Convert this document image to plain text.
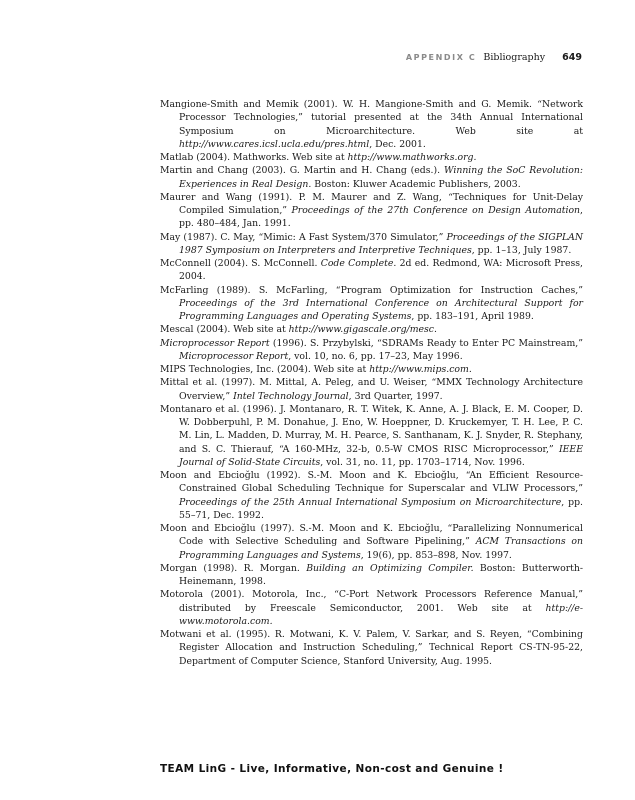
APPENDIX C Bibliography 649
Mangione-Smith and Memik (2001). W. H. Mangione-Smith and G. Memik. “Network Processor Technologies,” tutorial presented at the 34th Annual International Symposium on Microarchitecture. Web site at http://www.cares.icsl.ucla.edu/pres.html, Dec. 2001.
Matlab (2004). Mathworks. Web site at http://www.mathworks.org.
Martin and Chang (2003). G. Martin and H. Chang (eds.). Winning the SoC Revolution: Experiences in Real Design. Boston: Kluwer Academic Publishers, 2003.
Maurer and Wang (1991). P. M. Maurer and Z. Wang, “Techniques for Unit-Delay Compiled Simulation,” Proceedings of the 27th Conference on Design Automation, pp. 480–484, Jan. 1991.
May (1987). C. May, “Mimic: A Fast System/370 Simulator,” Proceedings of the SIGPLAN 1987 Symposium on Interpreters and Interpretive Techniques, pp. 1–13, July 1987.
McConnell (2004). S. McConnell. Code Complete. 2d ed. Redmond, WA: Microsoft Press, 2004.
McFarling (1989). S. McFarling, “Program Optimization for Instruction Caches,” Proceedings of the 3rd International Conference on Architectural Support for Programming Languages and Operating Systems, pp. 183–191, April 1989.
Mescal (2004). Web site at http://www.gigascale.org/mesc.
Microprocessor Report (1996). S. Przybylski, “SDRAMs Ready to Enter PC Mainstream,” Microprocessor Report, vol. 10, no. 6, pp. 17–23, May 1996.
MIPS Technologies, Inc. (2004). Web site at http://www.mips.com.
Mittal et al. (1997). M. Mittal, A. Peleg, and U. Weiser, “MMX Technology Architecture Overview,” Intel Technology Journal, 3rd Quarter, 1997.
Montanaro et al. (1996). J. Montanaro, R. T. Witek, K. Anne, A. J. Black, E. M. Cooper, D. W. Dobberpuhl, P. M. Donahue, J. Eno, W. Hoeppner, D. Kruckemyer, T. H. Lee, P. C. M. Lin, L. Madden, D. Murray, M. H. Pearce, S. Santhanam, K. J. Snyder, R. Stephany, and S. C. Thierauf, “A 160-MHz, 32-b, 0.5-W CMOS RISC Microprocessor,” IEEE Journal of Solid-State Circuits, vol. 31, no. 11, pp. 1703–1714, Nov. 1996.
Moon and Ebcioğlu (1992). S.-M. Moon and K. Ebcioğlu, “An Efficient Resource-Constrained Global Scheduling Technique for Superscalar and VLIW Processors,” Proceedings of the 25th Annual International Symposium on Microarchitecture, pp. 55–71, Dec. 1992.
Moon and Ebcioğlu (1997). S.-M. Moon and K. Ebcioğlu, “Parallelizing Nonnumerical Code with Selective Scheduling and Software Pipelining,” ACM Transactions on Programming Languages and Systems, 19(6), pp. 853–898, Nov. 1997.
Morgan (1998). R. Morgan. Building an Optimizing Compiler. Boston: Butterworth-Heinemann, 1998.
Motorola (2001). Motorola, Inc., “C-Port Network Processors Reference Manual,” distributed by Freescale Semiconductor, 2001. Web site at http://e-www.motorola.com.
Motwani et al. (1995). R. Motwani, K. V. Palem, V. Sarkar, and S. Reyen, “Combining Register Allocation and Instruction Scheduling,” Technical Report CS-TN-95-22, Department of Computer Science, Stanford University, Aug. 1995.
TEAM LinG - Live, Informative, Non-cost and Genuine !
